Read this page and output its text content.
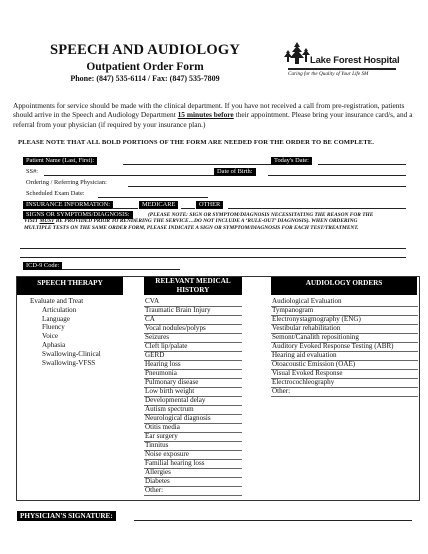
SPEECH AND AUDIOLOGY
Outpatient Order Form
Phone: (847) 535-6114 / Fax: (847) 535-7809
Lake Forest Hospital
Caring for the Quality of Your Life SM
Appointments for service should be made with the clinical department. If you have not received a call from pre-registration, patients should arrive in the Speech and Audiology Department 15 minutes before their appointment. Please bring your insurance card/s, and a referral from your physician (if required by your insurance plan.)
PLEASE NOTE THAT ALL BOLD PORTIONS OF THE FORM ARE NEEDED FOR THE ORDER TO BE COMPLETE.
Patient Name (Last, First):	Today's Date:
SS#:	Date of Birth:
Ordering / Referring Physician:
Scheduled Exam Date:
INSURANCE INFORMATION:	MEDICARE	OTHER
SIGNS OR SYMPTOMS/DIAGNOSIS:	(PLEASE NOTE: SIGN OR SYMPTOM/DIAGNOSIS NECESSITATING THE REASON FOR THE
VISIT MUST BE PROVIDED PRIOR TO RENDERING THE SERVICE…DO NOT INCLUDE A ‘RULE-OUT’ DIAGNOSIS). WHEN ORDERING
MULTIPLE TESTS ON THE SAME ORDER FORM, PLEASE INDICATE A SIGN OR SYMPTOM/DIAGNOSIS FOR EACH TEST/TREATMENT.
ICD-9 Code:
SPEECH THERAPY	RELEVANT MEDICAL
HISTORY
AUDIOLOGY ORDERS
Evaluate and Treat
Articulation
Language
Fluency
Voice
Aphasia
Swallowing-Clinical
Swallowing-VFSS
CVA
Traumatic Brain Injury
CA
Vocal nodules/polyps
Seizures
Cleft lip/palate
GERD
Hearing loss
Pneumonia
Pulmonary disease
Low birth weight
Developmental delay
Autism spectrum
Neurological diagnosis
Otitis media
Ear surgery
Tinnitus
Noise exposure
Familial hearing loss
Allergies
Diabetes
Other:
Audiological Evaluation
Tympanogram
Electronystagmography (ENG)
Vestibular rehabilitation
Semont/Canalith repositioning
Auditory Evoked Response Testing (ABR)
Hearing aid evaluation
Otoacoustic Emission (OAE)
Visual Evoked Response
Electrocochleography
Other:
PHYSICIAN'S SIGNATURE:
